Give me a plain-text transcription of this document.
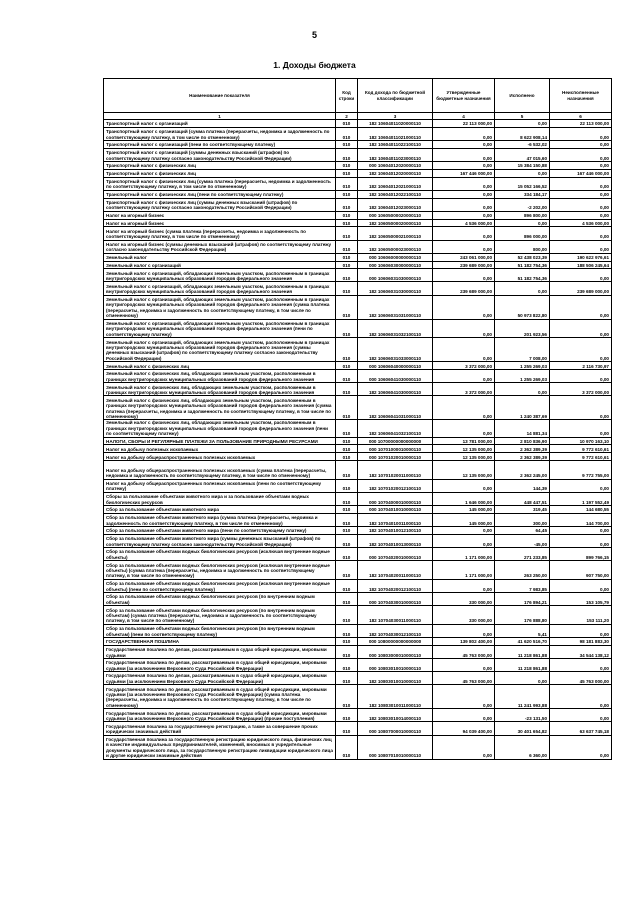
5
1. Доходы бюджета
Наименование показателя	Код строки	Код дохода по бюджетной классификации	Утвержденные бюджетные назначения	Исполнено	Неисполненные назначения
1	2	3	4	5	6
Транспортный налог с организаций	010	182 10604011020000110	22 113 000,00	0,00	22 113 000,00
Транспортный налог с организаций (сумма платежа (перерасчеты, недоимка и задолженность по соответствующему платежу, в том числе по отмененному)	010	182 10604011021000110	0,00	8 622 908,14	0,00
Транспортный налог с организаций (пени по соответствующему платежу)	010	182 10604011022100110	0,00	-6 532,02	0,00
Транспортный налог с организаций (суммы денежных взысканий (штрафов) по соответствующему платежу согласно законодательству Российской Федерации)	010	182 10604011023000110	0,00	47 015,60	0,00
Транспортный налог с физических лиц	010	000 10604012020000110	0,00	15 384 150,88	0,00
Транспортный налог с физических лиц	010	182 10604012020000110	167 446 000,00	0,00	167 446 000,00
Транспортный налог с физических лиц (сумма платежа (перерасчеты, недоимка и задолженность по соответствующему платежу, в том числе по отмененному)	010	182 10604012021000110	0,00	15 052 166,52	0,00
Транспортный налог с физических лиц (пени по соответствующему платежу)	010	182 10604012022100110	0,00	334 184,17	0,00
Транспортный налог с физических лиц (суммы денежных взысканий (штрафов) по соответствующему платежу согласно законодательству Российской Федерации)	010	182 10604012023000110	0,00	-2 202,00	0,00
Налог на игорный бизнес	010	000 10605000020000110	0,00	896 800,00	0,00
Налог на игорный бизнес	010	182 10605000020000110	4 536 000,00	0,00	4 536 000,00
Налог на игорный бизнес (сумма платежа (перерасчеты, недоимка и задолженность по соответствующему платежу, в том числе по отмененному)	010	182 10605000021000110	0,00	896 000,00	0,00
Налог на игорный бизнес (суммы денежных взысканий (штрафов) по соответствующему платежу согласно законодательству Российской Федерации)	010	182 10605000023000110	0,00	800,00	0,00
Земельный налог	010	000 10606000000000110	243 061 000,00	52 438 023,39	190 622 976,61
Земельный налог с организаций	010	000 10606030000000110	239 689 000,00	51 182 754,36	188 506 245,64
Земельный налог с организаций, обладающих земельным участком, расположенным в границах внутригородских муниципальных образований городов федерального значения	010	000 10606031030000110	0,00	51 182 754,36	0,00
Земельный налог с организаций, обладающих земельным участком, расположенным в границах внутригородских муниципальных образований городов федерального значения	010	182 10606031030000110	239 689 000,00	0,00	239 689 000,00
Земельный налог с организаций, обладающих земельным участком, расположенным в границах внутригородских муниципальных образований городов федерального значения (сумма платежа (перерасчеты, недоимка и задолженность по соответствующему платежу, в том числе по отмененному)	010	182 10606031031000110	0,00	50 973 822,80	0,00
Земельный налог с организаций, обладающих земельным участком, расположенным в границах внутригородских муниципальных образований городов федерального значения (пени по соответствующему платежу)	010	182 10606031032100110	0,00	201 923,56	0,00
Земельный налог с организаций, обладающих земельным участком, расположенным в границах внутригородских муниципальных образований городов федерального значения (суммы денежных взысканий (штрафов) по соответствующему платежу согласно законодательству Российской Федерации)	010	182 10606031033000110	0,00	7 008,00	0,00
Земельный налог с физических лиц	010	000 10606040000000110	3 372 000,00	1 255 269,03	2 116 730,97
Земельный налог с физических лиц, обладающих земельным участком, расположенным в границах внутригородских муниципальных образований городов федерального значения	010	000 10606041030000110	0,00	1 255 269,03	0,00
Земельный налог с физических лиц, обладающих земельным участком, расположенным в границах внутригородских муниципальных образований городов федерального значения	010	182 10606041030000110	3 372 000,00	0,00	3 372 000,00
Земельный налог с физических лиц, обладающих земельным участком, расположенным в границах внутригородских муниципальных образований городов федерального значения (сумма платежа (перерасчеты, недоимка и задолженность по соответствующему платежу, в том числе по отмененному)	010	182 10606041031000110	0,00	1 240 387,69	0,00
Земельный налог с физических лиц, обладающих земельным участком, расположенным в границах внутригородских муниципальных образований городов федерального значения (пени по соответствующему платежу)	010	182 10606041032100110	0,00	14 881,34	0,00
НАЛОГИ, СБОРЫ И РЕГУЛЯРНЫЕ ПЛАТЕЖИ ЗА ПОЛЬЗОВАНИЕ ПРИРОДНЫМИ РЕСУРСАМИ	010	000 10700000000000000	13 781 000,00	2 810 836,90	10 970 163,10
Налог на добычу полезных ископаемых	010	000 10701000010000110	12 135 000,00	2 362 389,39	9 772 610,61
Налог на добычу общераспространенных полезных ископаемых	010	000 10701020010000110	12 135 000,00	2 362 389,39	9 772 610,61
Налог на добычу общераспространенных полезных ископаемых (сумма платежа (перерасчеты, недоимка и задолженность по соответствующему платежу, в том числе по отмененному)	010	182 10701020011000110	12 135 000,00	2 362 245,00	9 772 755,00
Налог на добычу общераспространенных полезных ископаемых (пени по соответствующему платежу)	010	182 10701020012100110	0,00	144,39	0,00
Сборы за пользование объектами животного мира и за пользование объектами водных биологических ресурсов	010	000 10704000010000110	1 646 000,00	448 447,51	1 197 552,49
Сбор за пользование объектами животного мира	010	000 10704010010000110	145 000,00	319,45	144 680,55
Сбор за пользование объектами животного мира (сумма платежа (перерасчеты, недоимка и задолженность по соответствующему платежу, в том числе по отмененному)	010	182 10704010011000110	145 000,00	300,00	144 700,00
Сбор за пользование объектами животного мира (пени по соответствующему платежу)	010	182 10704010012100110	0,00	64,45	0,00
Сбор за пользование объектами животного мира (суммы денежных взысканий (штрафов) по соответствующему платежу согласно законодательству Российской Федерации)	010	182 10704010013000110	0,00	-45,00	0,00
Сбор за пользование объектами водных биологических ресурсов (исключая внутренние водные объекты)	010	000 10704020010000110	1 171 000,00	271 233,85	899 766,15
Сбор за пользование объектами водных биологических ресурсов (исключая внутренние водные объекты) (сумма платежа (перерасчеты, недоимка и задолженность по соответствующему платежу, в том числе по отмененному)	010	182 10704020011000110	1 171 000,00	263 250,00	907 750,00
Сбор за пользование объектами водных биологических ресурсов (исключая внутренние водные объекты) (пени по соответствующему платежу)	010	182 10704020012100110	0,00	7 983,85	0,00
Сбор за пользование объектами водных биологических ресурсов (по внутренним водным объектам)	010	000 10704030010000110	330 000,00	176 894,21	153 105,79
Сбор за пользование объектами водных биологических ресурсов (по внутренним водным объектам) (сумма платежа (перерасчеты, недоимка и задолженность по соответствующему платежу, в том числе по отмененному)	010	182 10704030011000110	330 000,00	176 888,80	153 111,20
Сбор за пользование объектами водных биологических ресурсов (по внутренним водным объектам) (пени по соответствующему платежу)	010	182 10704030012100110	0,00	5,41	0,00
ГОСУДАРСТВЕННАЯ ПОШЛИНА	010	000 10800000000000000	139 802 400,00	41 620 516,70	98 181 883,30
Государственная пошлина по делам, рассматриваемым в судах общей юрисдикции, мировыми судьями	010	000 10803000010000110	45 763 000,00	11 218 861,88	34 544 138,12
Государственная пошлина по делам, рассматриваемым в судах общей юрисдикции, мировыми судьями (за исключением Верховного Суда Российской Федерации)	010	000 10803010010000110	0,00	11 218 861,88	0,00
Государственная пошлина по делам, рассматриваемым в судах общей юрисдикции, мировыми судьями (за исключением Верховного Суда Российской Федерации)	010	182 10803010010000110	45 763 000,00	0,00	45 763 000,00
Государственная пошлина по делам, рассматриваемым в судах общей юрисдикции, мировыми судьями (за исключением Верховного Суда Российской Федерации) (сумма платежа (перерасчеты, недоимка и задолженность по соответствующему платежу, в том числе по отмененному)	010	182 10803010011000110	0,00	11 241 993,88	0,00
Государственная пошлина по делам, рассматриваемым в судах общей юрисдикции, мировыми судьями (за исключением Верховного Суда Российской Федерации) (прочие поступления)	010	182 10803010014000110	0,00	-23 131,50	0,00
Государственная пошлина за государственную регистрацию, а также за совершение прочих юридически значимых действий	010	000 10807000010000110	94 039 400,00	30 401 654,82	63 637 745,18
Государственная пошлина за государственную регистрацию юридического лица, физических лиц в качестве индивидуальных предпринимателей, изменений, вносимых в учредительные документы юридического лица, за государственную регистрацию ликвидации юридического лица и другие юридически значимые действия	010	000 10807010010000110	0,00	6 360,00	0,00
